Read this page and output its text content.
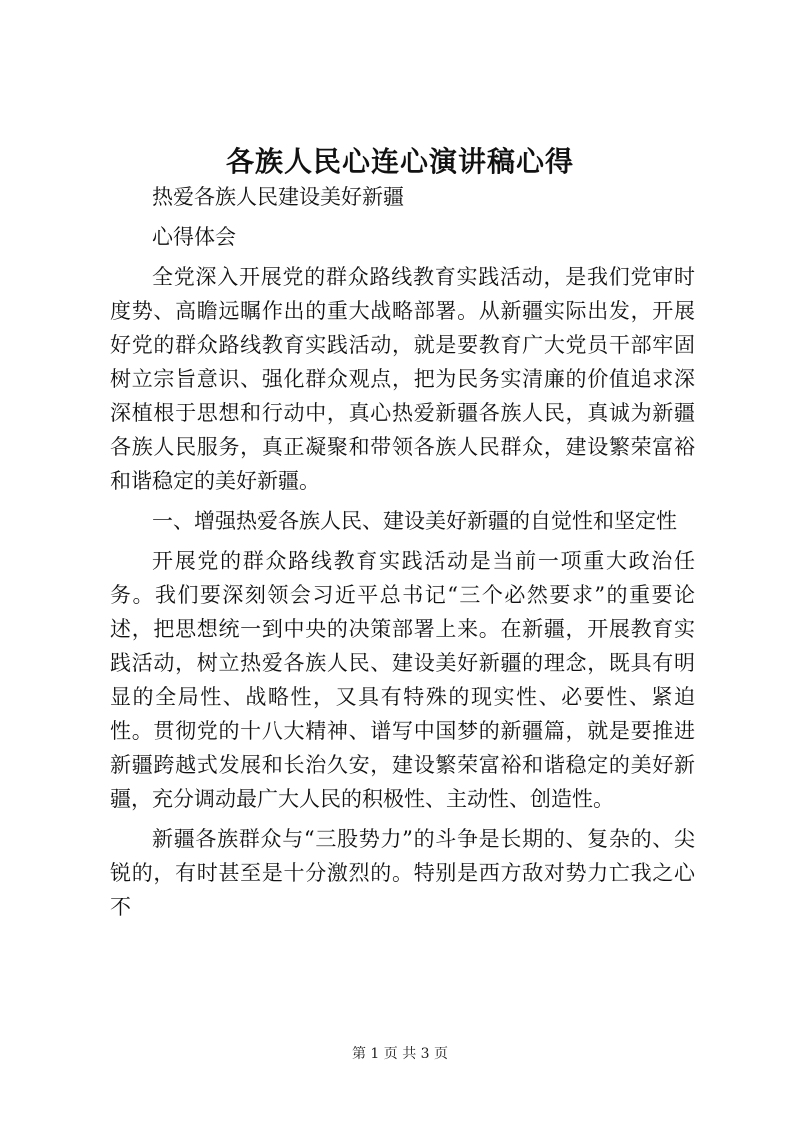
各族人民心连心演讲稿心得

热爱各族人民建设美好新疆

心得体会

全党深入开展党的群众路线教育实践活动，是我们党审时度势、高瞻远瞩作出的重大战略部署。从新疆实际出发，开展好党的群众路线教育实践活动，就是要教育广大党员干部牢固树立宗旨意识、强化群众观点，把为民务实清廉的价值追求深深植根于思想和行动中，真心热爱新疆各族人民，真诚为新疆各族人民服务，真正凝聚和带领各族人民群众，建设繁荣富裕和谐稳定的美好新疆。

一、增强热爱各族人民、建设美好新疆的自觉性和坚定性

开展党的群众路线教育实践活动是当前一项重大政治任务。我们要深刻领会习近平总书记“三个必然要求”的重要论述，把思想统一到中央的决策部署上来。在新疆，开展教育实践活动，树立热爱各族人民、建设美好新疆的理念，既具有明显的全局性、战略性，又具有特殊的现实性、必要性、紧迫性。贯彻党的十八大精神、谱写中国梦的新疆篇，就是要推进新疆跨越式发展和长治久安，建设繁荣富裕和谐稳定的美好新疆，充分调动最广大人民的积极性、主动性、创造性。

新疆各族群众与“三股势力”的斗争是长期的、复杂的、尖锐的，有时甚至是十分激烈的。特别是西方敌对势力亡我之心不

第 1 页 共 3 页
